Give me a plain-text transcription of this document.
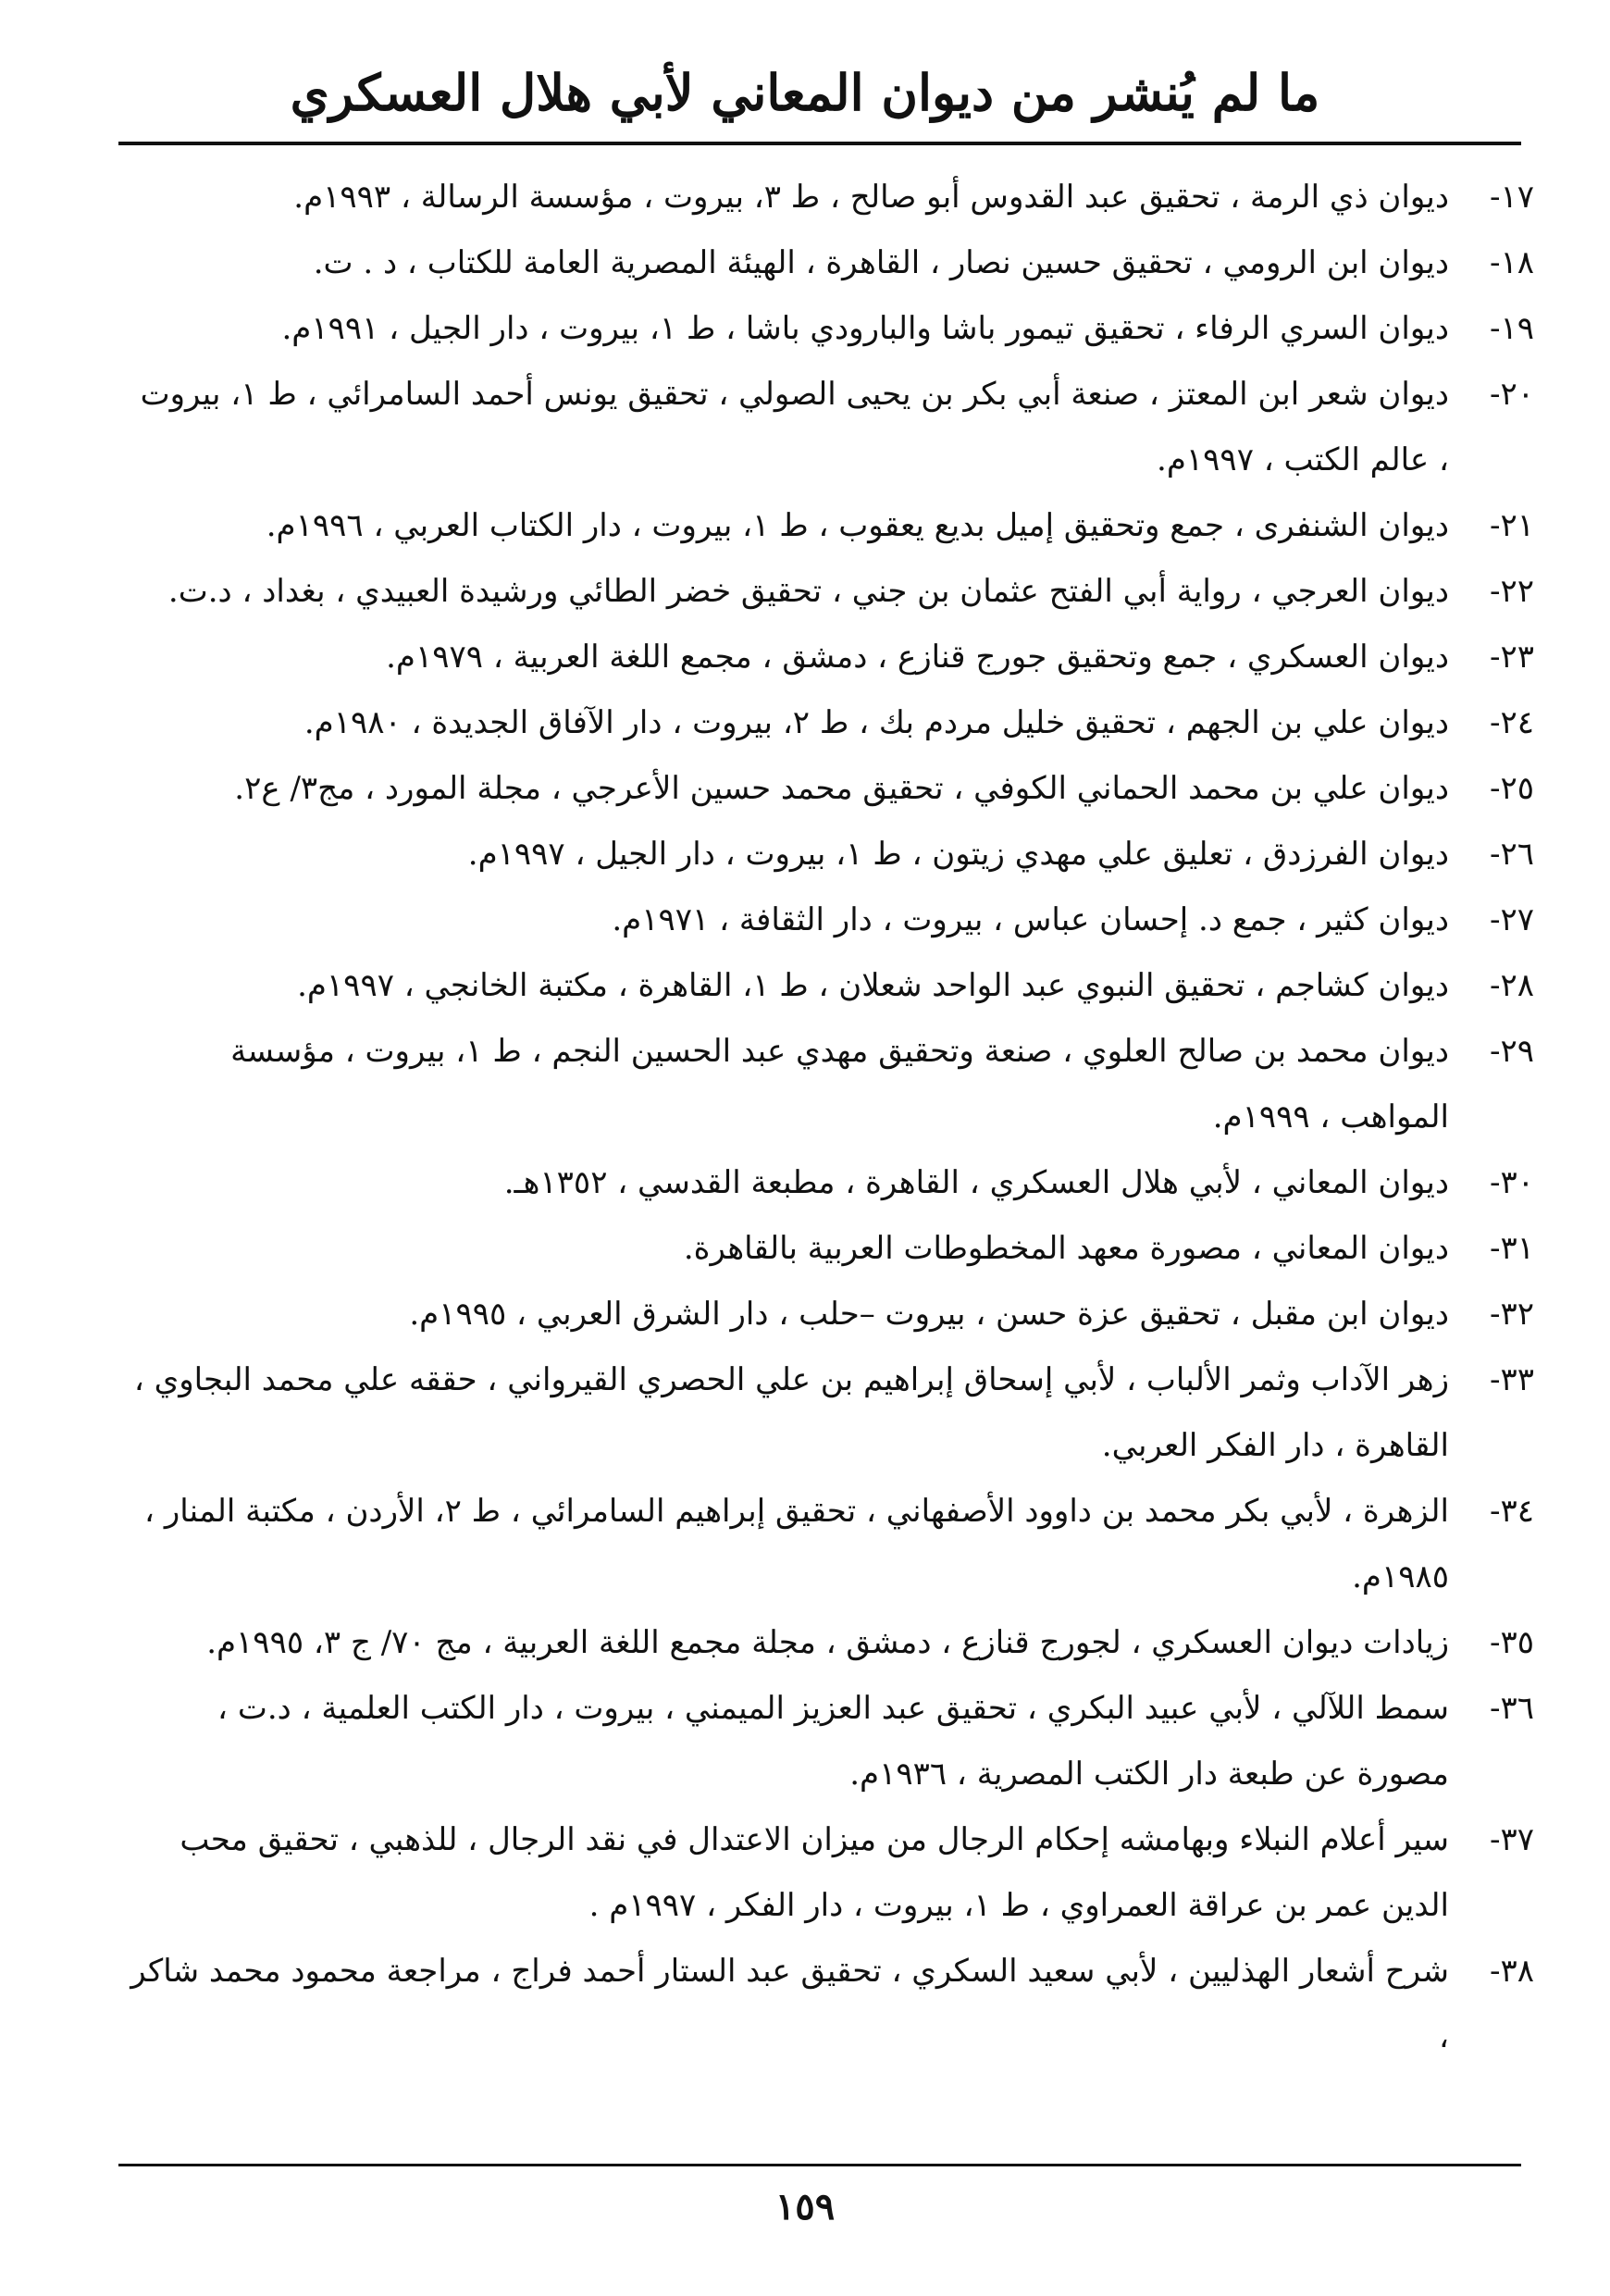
ما لم يُنشر من ديوان المعاني لأبي هلال العسكري
١٧-
ديوان ذي الرمة ، تحقيق عبد القدوس أبو صالح ، ط ٣، بيروت ، مؤسسة الرسالة ، ١٩٩٣م.
١٨-
ديوان ابن الرومي ، تحقيق حسين نصار ، القاهرة ، الهيئة المصرية العامة للكتاب ، د . ت.
١٩-
ديوان السري الرفاء ، تحقيق تيمور باشا والبارودي باشا ، ط ١، بيروت ، دار الجيل ، ١٩٩١م.
٢٠-
ديوان شعر ابن المعتز ، صنعة أبي بكر بن يحيى الصولي ، تحقيق يونس أحمد السامرائي ، ط ١، بيروت ، عالم الكتب ، ١٩٩٧م.
٢١-
ديوان الشنفرى ، جمع وتحقيق إميل بديع يعقوب ، ط ١، بيروت ، دار الكتاب العربي ، ١٩٩٦م.
٢٢-
ديوان العرجي ، رواية أبي الفتح عثمان بن جني ، تحقيق خضر الطائي ورشيدة العبيدي ، بغداد ، د.ت.
٢٣-
ديوان العسكري ، جمع وتحقيق جورج قنازع ، دمشق ، مجمع اللغة العربية ، ١٩٧٩م.
٢٤-
ديوان علي بن الجهم ، تحقيق خليل مردم بك ، ط ٢، بيروت ، دار الآفاق الجديدة ، ١٩٨٠م.
٢٥-
ديوان علي بن محمد الحماني الكوفي ، تحقيق محمد حسين الأعرجي ، مجلة المورد ، مج٣/ ع٢.
٢٦-
ديوان الفرزدق ، تعليق علي مهدي زيتون ، ط ١، بيروت ، دار الجيل ، ١٩٩٧م.
٢٧-
ديوان كثير ، جمع د. إحسان عباس ، بيروت ، دار الثقافة ، ١٩٧١م.
٢٨-
ديوان كشاجم ، تحقيق النبوي عبد الواحد شعلان ، ط ١، القاهرة ، مكتبة الخانجي ، ١٩٩٧م.
٢٩-
ديوان محمد بن صالح العلوي ، صنعة وتحقيق مهدي عبد الحسين النجم ، ط ١، بيروت ، مؤسسة المواهب ، ١٩٩٩م.
٣٠-
ديوان المعاني ، لأبي هلال العسكري ، القاهرة ، مطبعة القدسي ، ١٣٥٢هـ.
٣١-
ديوان المعاني ، مصورة معهد المخطوطات العربية بالقاهرة.
٣٢-
ديوان ابن مقبل ، تحقيق عزة حسن ، بيروت –حلب ، دار الشرق العربي ، ١٩٩٥م.
٣٣-
زهر الآداب وثمر الألباب ، لأبي إسحاق إبراهيم بن علي الحصري القيرواني ، حققه علي محمد البجاوي ، القاهرة ، دار الفكر العربي.
٣٤-
الزهرة ، لأبي بكر محمد بن داوود الأصفهاني ، تحقيق إبراهيم السامرائي ، ط ٢، الأردن ، مكتبة المنار ، ١٩٨٥م.
٣٥-
زيادات ديوان العسكري ، لجورج قنازع ، دمشق ، مجلة مجمع اللغة العربية ، مج ٧٠/ ج ٣، ١٩٩٥م.
٣٦-
سمط اللآلي ، لأبي عبيد البكري ، تحقيق عبد العزيز الميمني ، بيروت ، دار الكتب العلمية ، د.ت ، مصورة عن طبعة دار الكتب المصرية ، ١٩٣٦م.
٣٧-
سير أعلام النبلاء وبهامشه إحكام الرجال من ميزان الاعتدال في نقد الرجال ، للذهبي ، تحقيق محب الدين عمر بن عراقة العمراوي ، ط ١، بيروت ، دار الفكر ، ١٩٩٧م .
٣٨-
شرح أشعار الهذليين ، لأبي سعيد السكري ، تحقيق عبد الستار أحمد فراج ، مراجعة محمود محمد شاكر ،
١٥٩
